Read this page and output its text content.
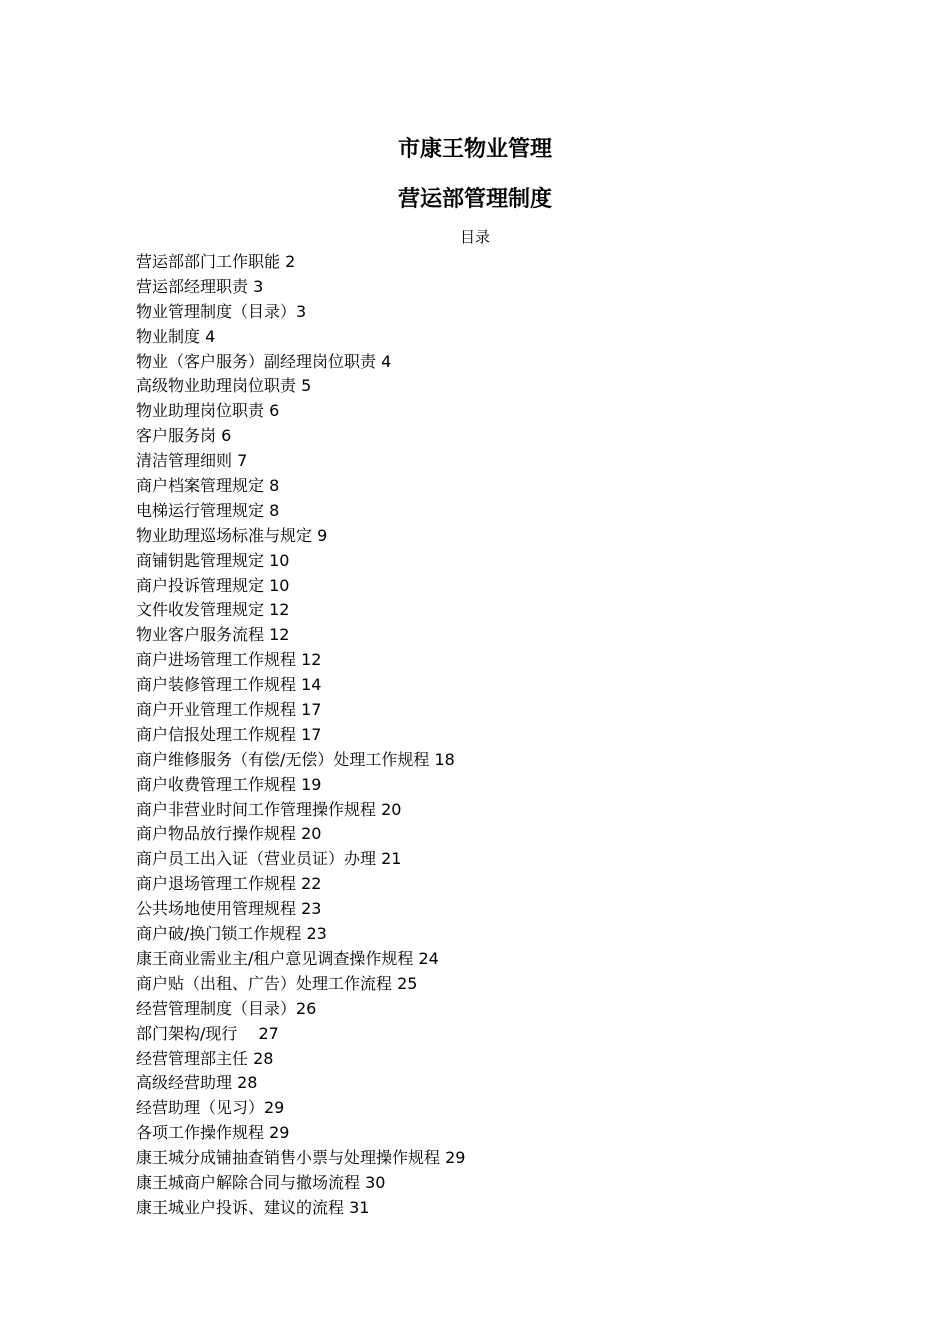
市康王物业管理
营运部管理制度
目录
营运部部门工作职能 2
营运部经理职责 3
物业管理制度（目录）3
物业制度 4
物业（客户服务）副经理岗位职责 4
高级物业助理岗位职责 5
物业助理岗位职责 6
客户服务岗 6
清洁管理细则 7
商户档案管理规定 8
电梯运行管理规定 8
物业助理巡场标准与规定 9
商铺钥匙管理规定 10
商户投诉管理规定 10
文件收发管理规定 12
物业客户服务流程 12
商户进场管理工作规程 12
商户装修管理工作规程 14
商户开业管理工作规程 17
商户信报处理工作规程 17
商户维修服务（有偿/无偿）处理工作规程 18
商户收费管理工作规程 19
商户非营业时间工作管理操作规程 20
商户物品放行操作规程 20
商户员工出入证（营业员证）办理 21
商户退场管理工作规程 22
公共场地使用管理规程 23
商户破/换门锁工作规程 23
康王商业需业主/租户意见调查操作规程 24
商户贴（出租、广告）处理工作流程 25
经营管理制度（目录）26
部门架构/现行　 27
经营管理部主任 28
高级经营助理 28
经营助理（见习）29
各项工作操作规程 29
康王城分成铺抽查销售小票与处理操作规程 29
康王城商户解除合同与撤场流程 30
康王城业户投诉、建议的流程 31
